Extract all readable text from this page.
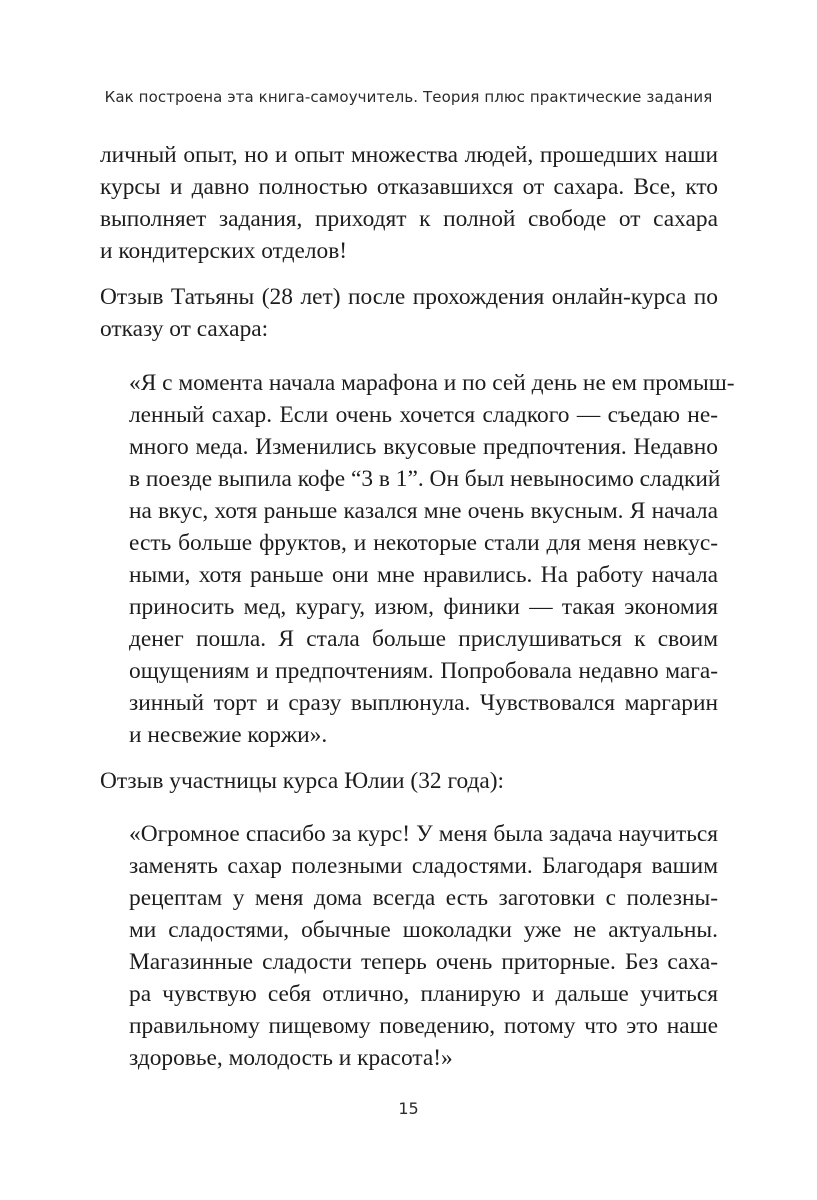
Как построена эта книга-самоучитель. Теория плюс практические задания
личный опыт, но и опыт множества людей, прошедших наши
курсы и давно полностью отказавшихся от сахара. Все, кто
выполняет задания, приходят к полной свободе от сахара
и кондитерских отделов!
Отзыв Татьяны (28 лет) после прохождения онлайн-курса по
отказу от сахара:
«Я с момента начала марафона и по сей день не ем промыш-
ленный сахар. Если очень хочется сладкого — съедаю не-
много меда. Изменились вкусовые предпочтения. Недавно
в поезде выпила кофе “3 в 1”. Он был невыносимо сладкий
на вкус, хотя раньше казался мне очень вкусным. Я начала
есть больше фруктов, и некоторые стали для меня невкус-
ными, хотя раньше они мне нравились. На работу начала
приносить мед, курагу, изюм, финики — такая экономия
денег пошла. Я стала больше прислушиваться к своим
ощущениям и предпочтениям. Попробовала недавно мага-
зинный торт и сразу выплюнула. Чувствовался маргарин
и несвежие коржи».
Отзыв участницы курса Юлии (32 года):
«Огромное спасибо за курс! У меня была задача научиться
заменять сахар полезными сладостями. Благодаря вашим
рецептам у меня дома всегда есть заготовки с полезны-
ми сладостями, обычные шоколадки уже не актуальны.
Магазинные сладости теперь очень приторные. Без саха-
ра чувствую себя отлично, планирую и дальше учиться
правильному пищевому поведению, потому что это наше
здоровье, молодость и красота!»
15
